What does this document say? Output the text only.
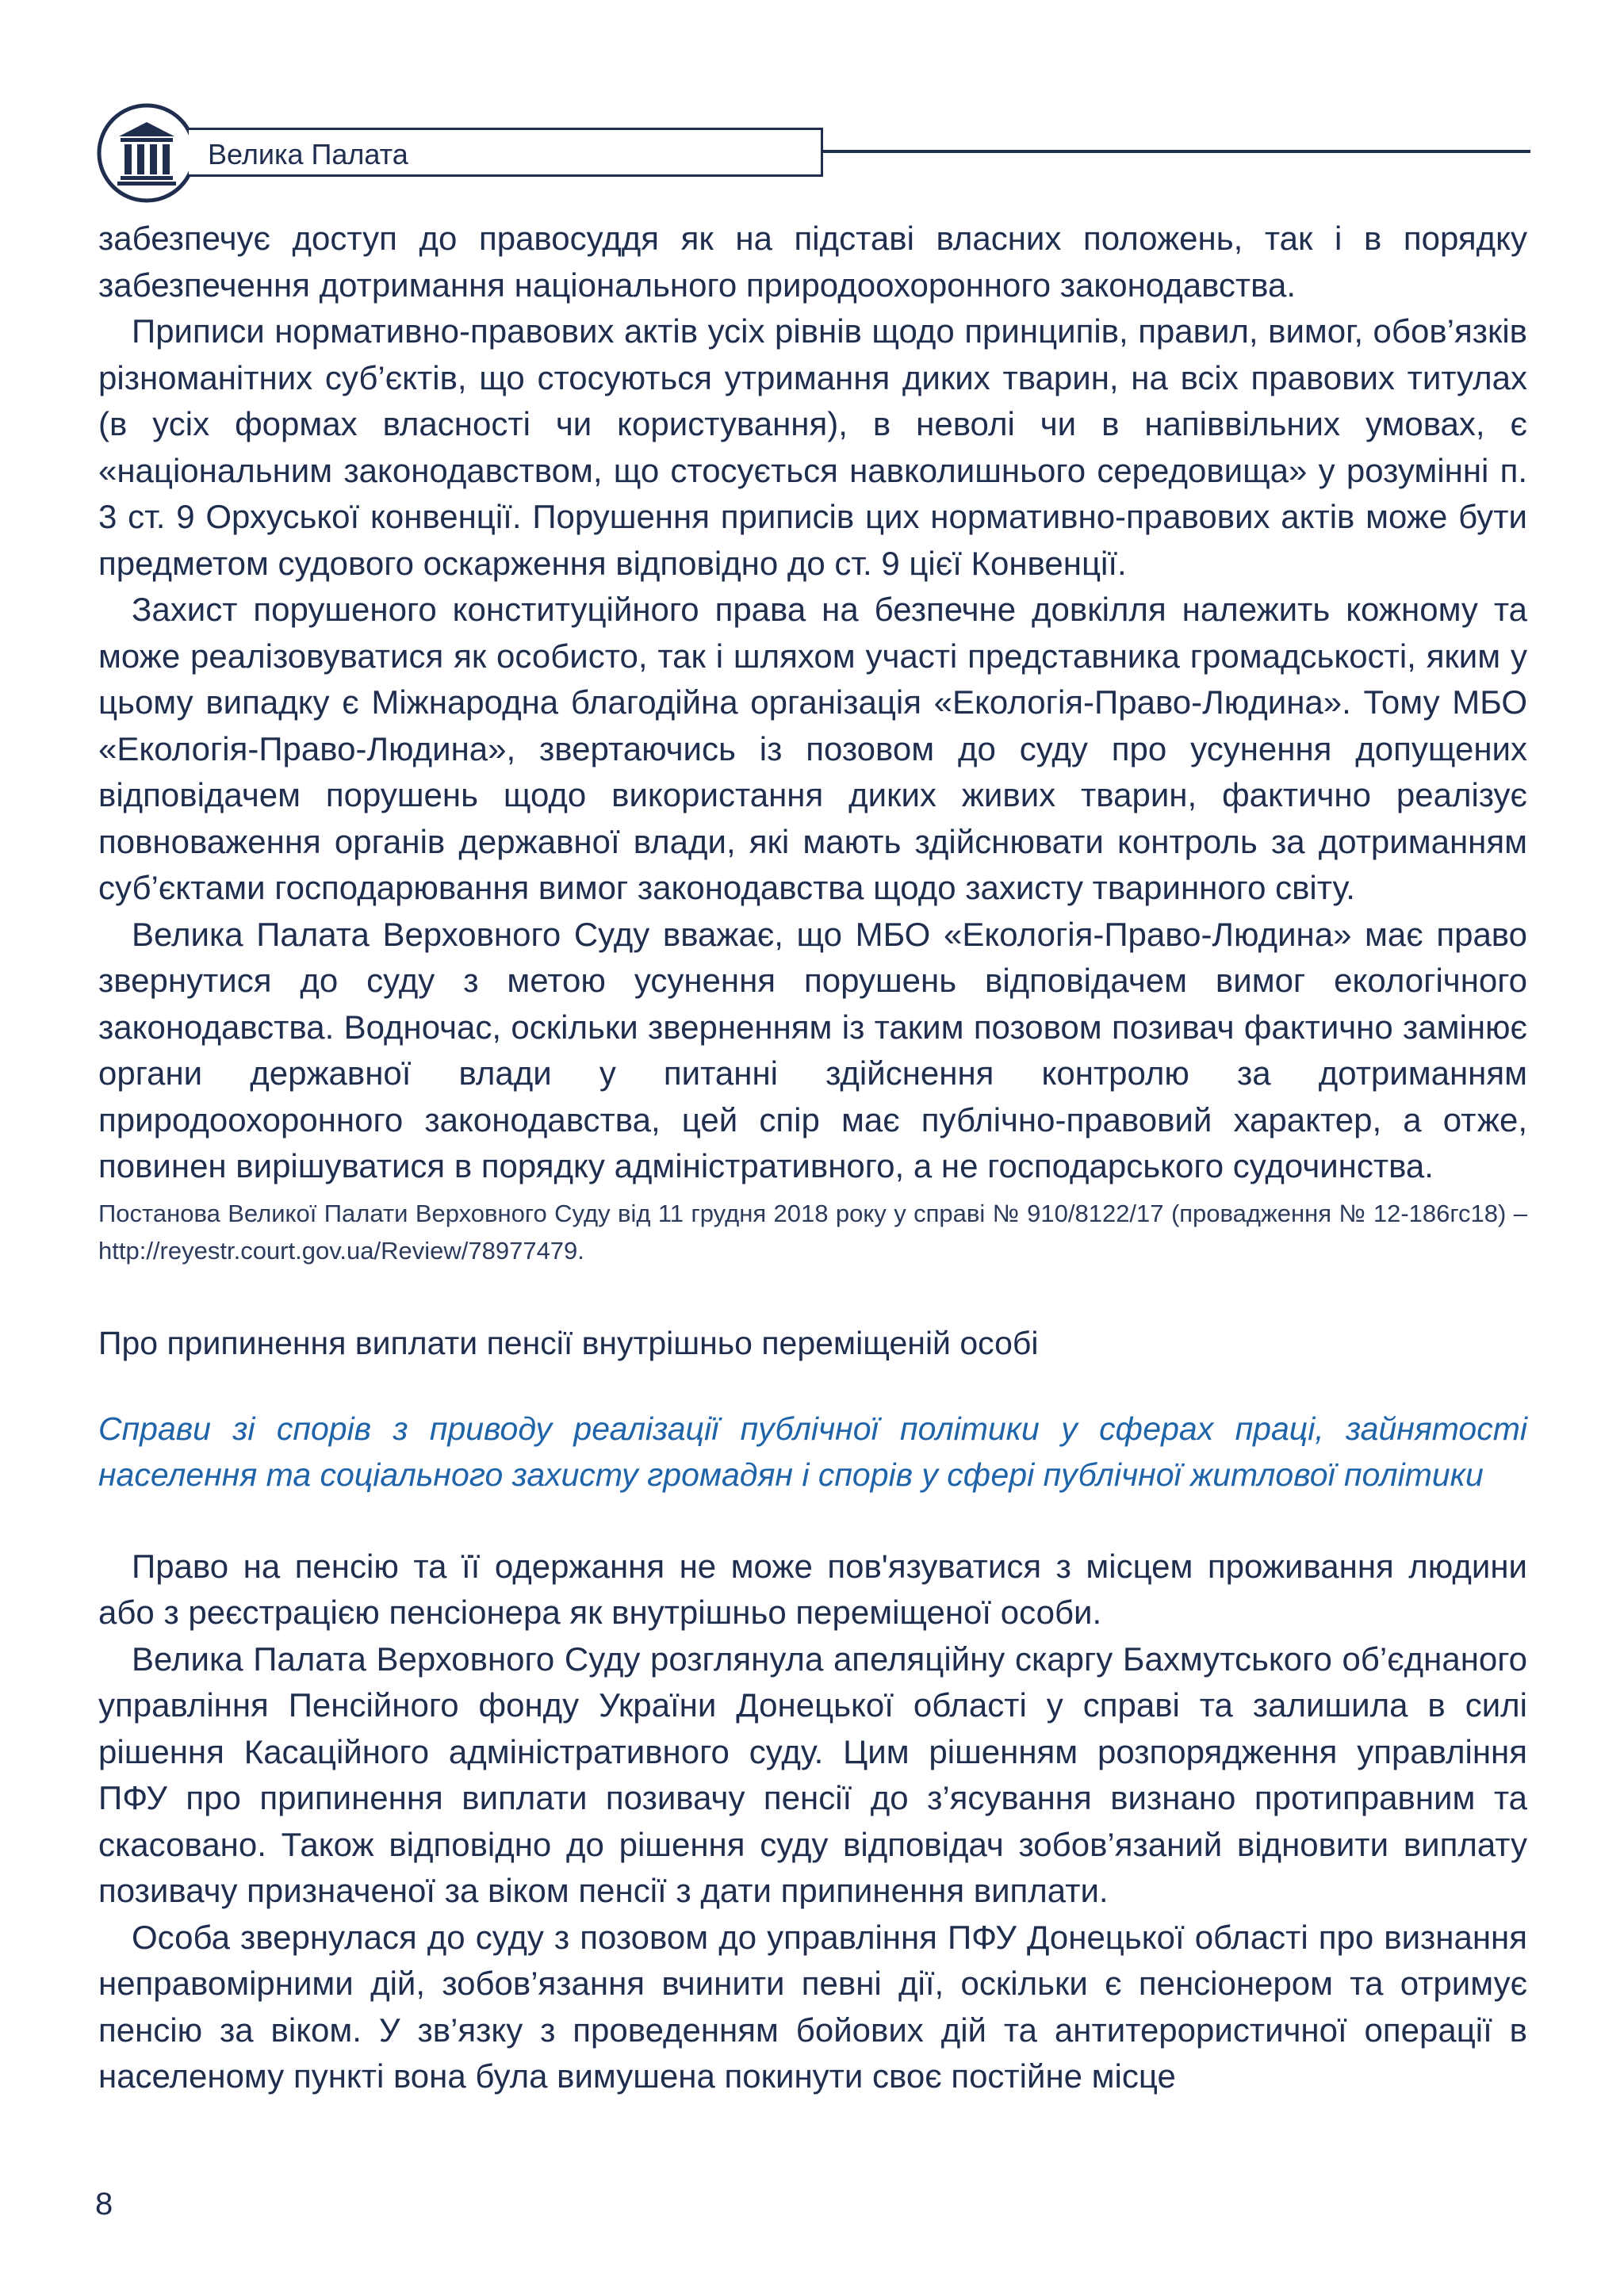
Велика Палата

забезпечує доступ до правосуддя як на підставі власних положень, так і в порядку забезпечення дотримання національного природоохоронного законодавства.

Приписи нормативно-правових актів усіх рівнів щодо принципів, правил, вимог, обов’язків різноманітних суб’єктів, що стосуються утримання диких тварин, на всіх правових титулах (в усіх формах власності чи користування), в неволі чи в напіввільних умовах, є «національним законодавством, що стосується навколишнього середовища» у розумінні п. 3 ст. 9 Орхуської конвенції. Порушення приписів цих нормативно-правових актів може бути предметом судового оскарження відповідно до ст. 9 цієї Конвенції.

Захист порушеного конституційного права на безпечне довкілля належить кожному та може реалізовуватися як особисто, так і шляхом участі представника громадськості, яким у цьому випадку є Міжнародна благодійна організація «Екологія-Право-Людина». Тому МБО «Екологія-Право-Людина», звертаючись із позовом до суду про усунення допущених відповідачем порушень щодо використання диких живих тварин, фактично реалізує повноваження органів державної влади, які мають здійснювати контроль за дотриманням суб’єктами господарювання вимог законодавства щодо захисту тваринного світу.

Велика Палата Верховного Суду вважає, що МБО «Екологія-Право-Людина» має право звернутися до суду з метою усунення порушень відповідачем вимог екологічного законодавства. Водночас, оскільки зверненням із таким позовом позивач фактично замінює органи державної влади у питанні здійснення контролю за дотриманням природоохоронного законодавства, цей спір має публічно-правовий характер, а отже, повинен вирішуватися в порядку адміністративного, а не господарського судочинства.

Постанова Великої Палати Верховного Суду від 11 грудня 2018 року у справі № 910/8122/17 (провадження № 12-186гс18) – http://reyestr.court.gov.ua/Review/78977479.

Про припинення виплати пенсії внутрішньо переміщеній особі

Справи зі спорів з приводу реалізації публічної політики у сферах праці, зайнятості населення та соціального захисту громадян і спорів у сфері публічної житлової політики

Право на пенсію та її одержання не може пов'язуватися з місцем проживання людини або з реєстрацією пенсіонера як внутрішньо переміщеної особи.

Велика Палата Верховного Суду розглянула апеляційну скаргу Бахмутського об’єднаного управління Пенсійного фонду України Донецької області у справі та залишила в силі рішення Касаційного адміністративного суду. Цим рішенням розпорядження управління ПФУ про припинення виплати позивачу пенсії до з’ясування визнано протиправним та скасовано. Також відповідно до рішення суду відповідач зобов’язаний відновити виплату позивачу призначеної за віком пенсії з дати припинення виплати.

Особа звернулася до суду з позовом до управління ПФУ Донецької області про визнання неправомірними дій, зобов’язання вчинити певні дії, оскільки є пенсіонером та отримує пенсію за віком. У зв’язку з проведенням бойових дій та антитерористичної операції в населеному пункті вона була вимушена покинути своє постійне місце

8
